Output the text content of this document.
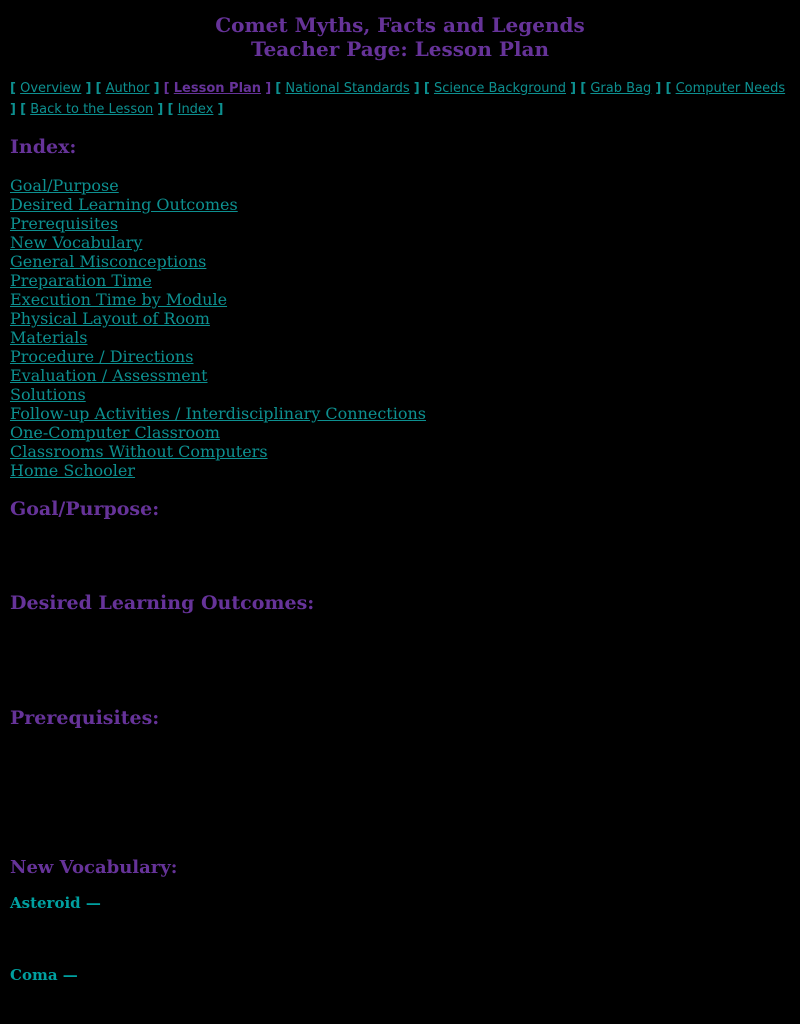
Comet Myths, Facts and Legends
Teacher Page: Lesson Plan

[ Overview ] [ Author ] [ Lesson Plan ] [ National Standards ] [ Science Background ] [ Grab Bag ] [ Computer Needs ] [ Back to the Lesson ] [ Index ]

Index:
Goal/Purpose
Desired Learning Outcomes
Prerequisites
New Vocabulary
General Misconceptions
Preparation Time
Execution Time by Module
Physical Layout of Room
Materials
Procedure / Directions
Evaluation / Assessment
Solutions
Follow-up Activities / Interdisciplinary Connections
One-Computer Classroom
Classrooms Without Computers
Home Schooler
Goal/Purpose:
Desired Learning Outcomes:
Prerequisites:
New Vocabulary:
Asteroid —
Coma —
